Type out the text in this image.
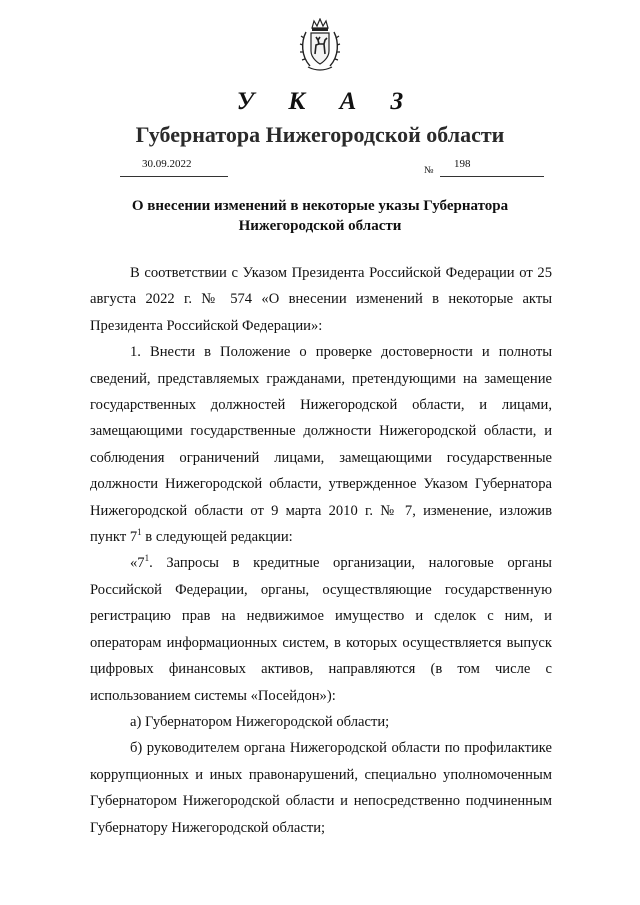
У К А З
Губернатора Нижегородской области
30.09.2022
№
198
О внесении изменений в некоторые указы Губернатора Нижегородской области

В соответствии с Указом Президента Российской Федерации от 25 августа 2022 г. № 574 «О внесении изменений в некоторые акты Президента Российской Федерации»:

1. Внести в Положение о проверке достоверности и полноты сведений, представляемых гражданами, претендующими на замещение государственных должностей Нижегородской области, и лицами, замещающими государственные должности Нижегородской области, и соблюдения ограничений лицами, замещающими государственные должности Нижегородской области, утвержденное Указом Губернатора Нижегородской области от 9 марта 2010 г. № 7, изменение, изложив пункт $7^1$ в следующей редакции:

«$7^1$. Запросы в кредитные организации, налоговые органы Российской Федерации, органы, осуществляющие государственную регистрацию прав на недвижимое имущество и сделок с ним, и операторам информационных систем, в которых осуществляется выпуск цифровых финансовых активов, направляются (в том числе с использованием системы «Посейдон»):

а) Губернатором Нижегородской области;

б) руководителем органа Нижегородской области по профилактике коррупционных и иных правонарушений, специально уполномоченным Губернатором Нижегородской области и непосредственно подчиненным Губернатору Нижегородской области;
